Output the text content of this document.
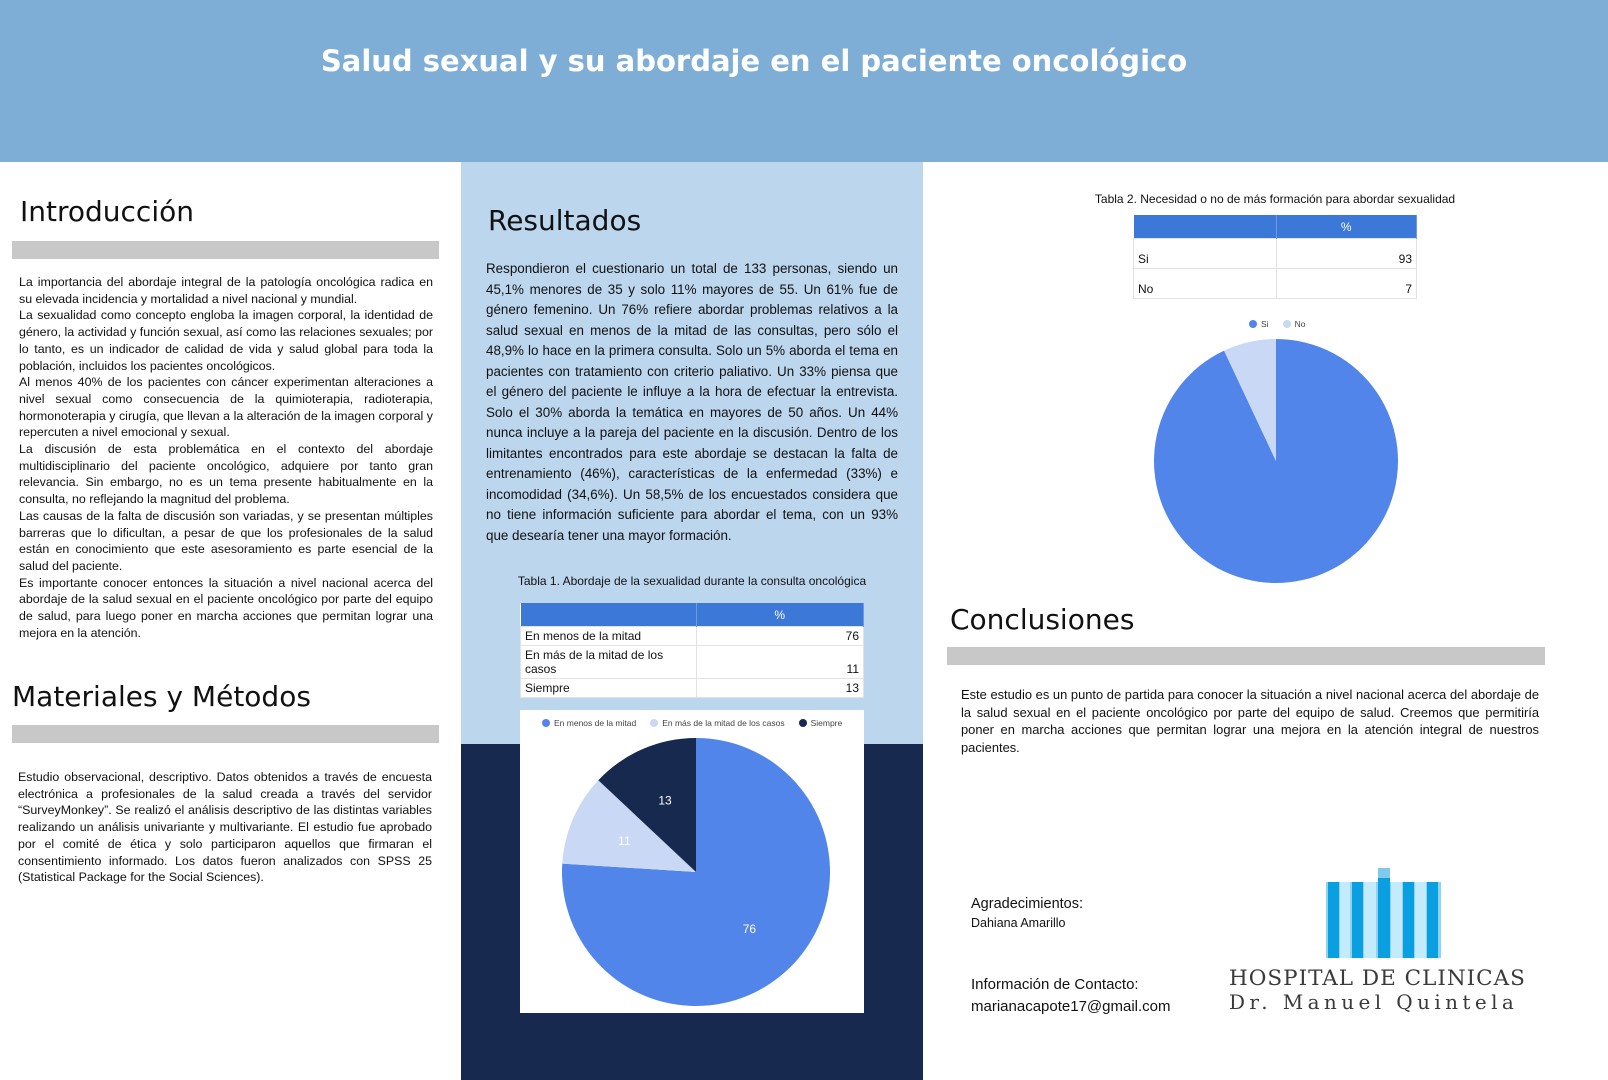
Salud sexual y su abordaje en el paciente oncológico
Introducción

La importancia del abordaje integral de la patología oncológica radica en su elevada incidencia y mortalidad a nivel nacional y mundial.

La sexualidad como concepto engloba la imagen corporal, la identidad de género, la actividad y función sexual, así como las relaciones sexuales; por lo tanto, es un indicador de calidad de vida y salud global para toda la población, incluidos los pacientes oncológicos.

Al menos 40% de los pacientes con cáncer experimentan alteraciones a nivel sexual como consecuencia de la quimioterapia, radioterapia, hormonoterapia y cirugía, que llevan a la alteración de la imagen corporal y repercuten a nivel emocional y sexual.

La discusión de esta problemática en el contexto del abordaje multidisciplinario del paciente oncológico, adquiere por tanto gran relevancia. Sin embargo, no es un tema presente habitualmente en la consulta, no reflejando la magnitud del problema.

Las causas de la falta de discusión son variadas, y se presentan múltiples barreras que lo dificultan, a pesar de que los profesionales de la salud están en conocimiento que este asesoramiento es parte esencial de la salud del paciente.

Es importante conocer entonces la situación a nivel nacional acerca del abordaje de la salud sexual en el paciente oncológico por parte del equipo de salud, para luego poner en marcha acciones que permitan lograr una mejora en la atención.

Materiales y Métodos

Estudio observacional, descriptivo. Datos obtenidos a través de encuesta electrónica a profesionales de la salud creada a través del servidor “SurveyMonkey”. Se realizó el análisis descriptivo de las distintas variables realizando un análisis univariante y multivariante. El estudio fue aprobado por el comité de ética y solo participaron aquellos que firmaran el consentimiento informado. Los datos fueron analizados con SPSS 25 (Statistical Package for the Social Sciences).

Resultados

Respondieron el cuestionario un total de 133 personas, siendo un 45,1% menores de 35 y solo 11% mayores de 55. Un 61% fue de género femenino. Un 76% refiere abordar problemas relativos a la salud sexual en menos de la mitad de las consultas, pero sólo el 48,9% lo hace en la primera consulta. Solo un 5% aborda el tema en pacientes con tratamiento con criterio paliativo. Un 33% piensa que el género del paciente le influye a la hora de efectuar la entrevista. Solo el 30% aborda la temática en mayores de 50 años. Un 44% nunca incluye a la pareja del paciente en la discusión. Dentro de los limitantes encontrados para este abordaje se destacan la falta de entrenamiento (46%), características de la enfermedad (33%) e incomodidad (34,6%). Un 58,5% de los encuestados considera que no tiene información suficiente para abordar el tema, con un 93% que desearía tener una mayor formación.

Tabla 1. Abordaje de la sexualidad durante la consulta oncológica

	%
En menos de la mitad	76
En más de la mitad de los casos	11
Siempre	13
En menos de la mitad	En más de la mitad de los casos	Siempre
76
11
13

Tabla 2. Necesidad o no de más formación para abordar sexualidad

	%
Si	93
No	7
Si	No
Conclusiones

Este estudio es un punto de partida para conocer la situación a nivel nacional acerca del abordaje de la salud sexual en el paciente oncológico por parte del equipo de salud. Creemos que permitiría poner en marcha acciones que permitan lograr una mejora en la atención integral de nuestros pacientes.

Agradecimientos:

Dahiana Amarillo

Información de Contacto:

marianacapote17@gmail.com

HOSPITAL DE CLINICAS
Dr. Manuel Quintela
